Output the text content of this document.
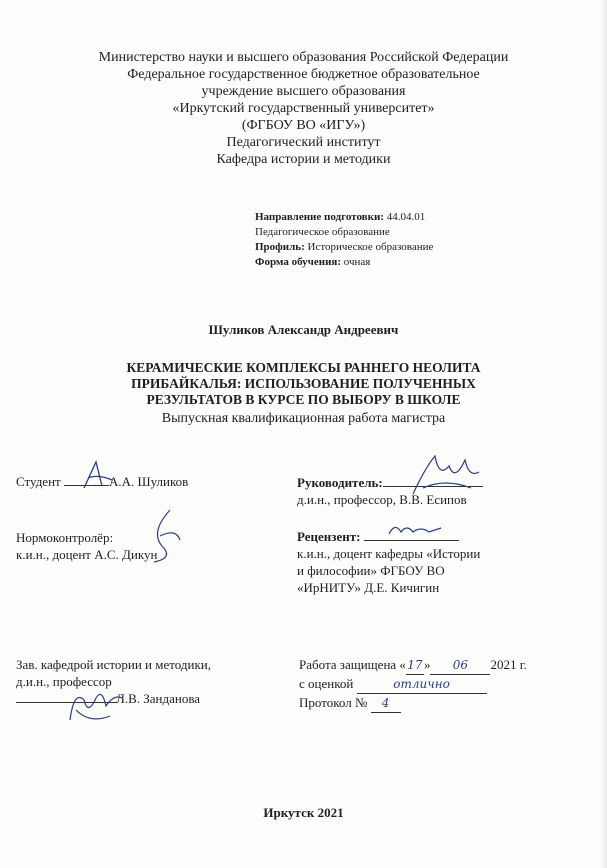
Министерство науки и высшего образования Российской Федерации
Федеральное государственное бюджетное образовательное
учреждение высшего образования
«Иркутский государственный университет»
(ФГБОУ ВО «ИГУ»)
Педагогический институт
Кафедра истории и методики
Направление подготовки: 44.04.01
Педагогическое образование
Профиль: Историческое образование
Форма обучения: очная
Шуликов Александр Андреевич
КЕРАМИЧЕСКИЕ КОМПЛЕКСЫ РАННЕГО НЕОЛИТА
ПРИБАЙКАЛЬЯ: ИСПОЛЬЗОВАНИЕ ПОЛУЧЕННЫХ
РЕЗУЛЬТАТОВ В КУРСЕ ПО ВЫБОРУ В ШКОЛЕ
Выпускная квалификационная работа магистра
Студент	А.А. Шуликов	Руководитель:
д.и.н., профессор, В.В. Есипов
Нормоконтролёр:
к.и.н., доцент А.С. Дикун
Рецензент:
к.и.н., доцент кафедры «Истории
и философии» ФГБОУ ВО
«ИрНИТУ» Д.Е. Кичигин
Зав. кафедрой истории и методики,
д.и.н., профессор
Л.В. Занданова
Работа защищена «17» 06 2021 г.
с оценкой	отлично
Протокол № 4
Иркутск 2021
